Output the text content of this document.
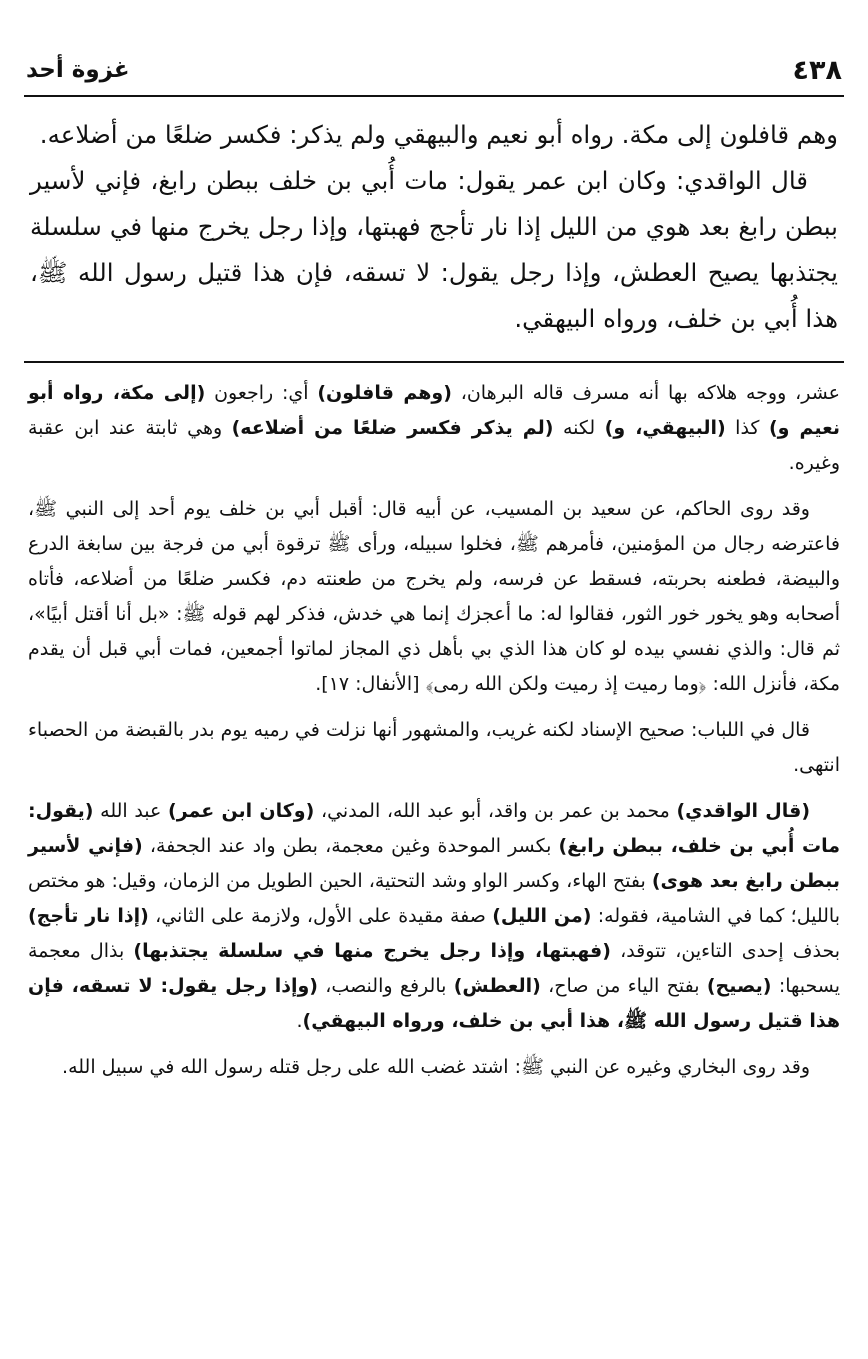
٤٣٨
غزوة أحد

وهم قافلون إلى مكة. رواه أبو نعيم والبيهقي ولم يذكر: فكسر ضلعًا من أضلاعه.

قال الواقدي: وكان ابن عمر يقول: مات أُبي بن خلف ببطن رابغ، فإني لأسير ببطن رابغ بعد هوي من الليل إذا نار تأجج فهبتها، وإذا رجل يخرج منها في سلسلة يجتذبها يصيح العطش، وإذا رجل يقول: لا تسقه، فإن هذا قتيل رسول الله ﷺ، هذا أُبي بن خلف، ورواه البيهقي.

عشر، ووجه هلاكه بها أنه مسرف قاله البرهان، (وهم قافلون) أي: راجعون (إلى مكة، رواه أبو نعيم و) كذا (البيهقي، و) لكنه (لم يذكر فكسر ضلعًا من أضلاعه) وهي ثابتة عند ابن عقبة وغيره.

وقد روى الحاكم، عن سعيد بن المسيب، عن أبيه قال: أقبل أبي بن خلف يوم أحد إلى النبي ﷺ، فاعترضه رجال من المؤمنين، فأمرهم ﷺ، فخلوا سبيله، ورأى ﷺ ترقوة أبي من فرجة بين سابغة الدرع والبيضة، فطعنه بحربته، فسقط عن فرسه، ولم يخرج من طعنته دم، فكسر ضلعًا من أضلاعه، فأتاه أصحابه وهو يخور خور الثور، فقالوا له: ما أعجزك إنما هي خدش، فذكر لهم قوله ﷺ: «بل أنا أقتل أبيًا»، ثم قال: والذي نفسي بيده لو كان هذا الذي بي بأهل ذي المجاز لماتوا أجمعين، فمات أبي قبل أن يقدم مكة، فأنزل الله: ﴿وما رميت إذ رميت ولكن الله رمى﴾ [الأنفال: ١٧].

قال في اللباب: صحيح الإسناد لكنه غريب، والمشهور أنها نزلت في رميه يوم بدر بالقبضة من الحصباء انتهى.

(قال الواقدي) محمد بن عمر بن واقد، أبو عبد الله، المدني، (وكان ابن عمر) عبد الله (يقول: مات أُبي بن خلف، ببطن رابغ) بكسر الموحدة وغين معجمة، بطن واد عند الجحفة، (فإني لأسير ببطن رابغ بعد هوى) بفتح الهاء، وكسر الواو وشد التحتية، الحين الطويل من الزمان، وقيل: هو مختص بالليل؛ كما في الشامية، فقوله: (من الليل) صفة مقيدة على الأول، ولازمة على الثاني، (إذا نار تأجج) بحذف إحدى التاءين، تتوقد، (فهبتها، وإذا رجل يخرج منها في سلسلة يجتذبها) بذال معجمة يسحبها: (يصيح) بفتح الياء من صاح، (العطش) بالرفع والنصب، (وإذا رجل يقول: لا تسقه، فإن هذا قتيل رسول الله ﷺ، هذا أبي بن خلف، ورواه البيهقي).

وقد روى البخاري وغيره عن النبي ﷺ: اشتد غضب الله على رجل قتله رسول الله في سبيل الله.
